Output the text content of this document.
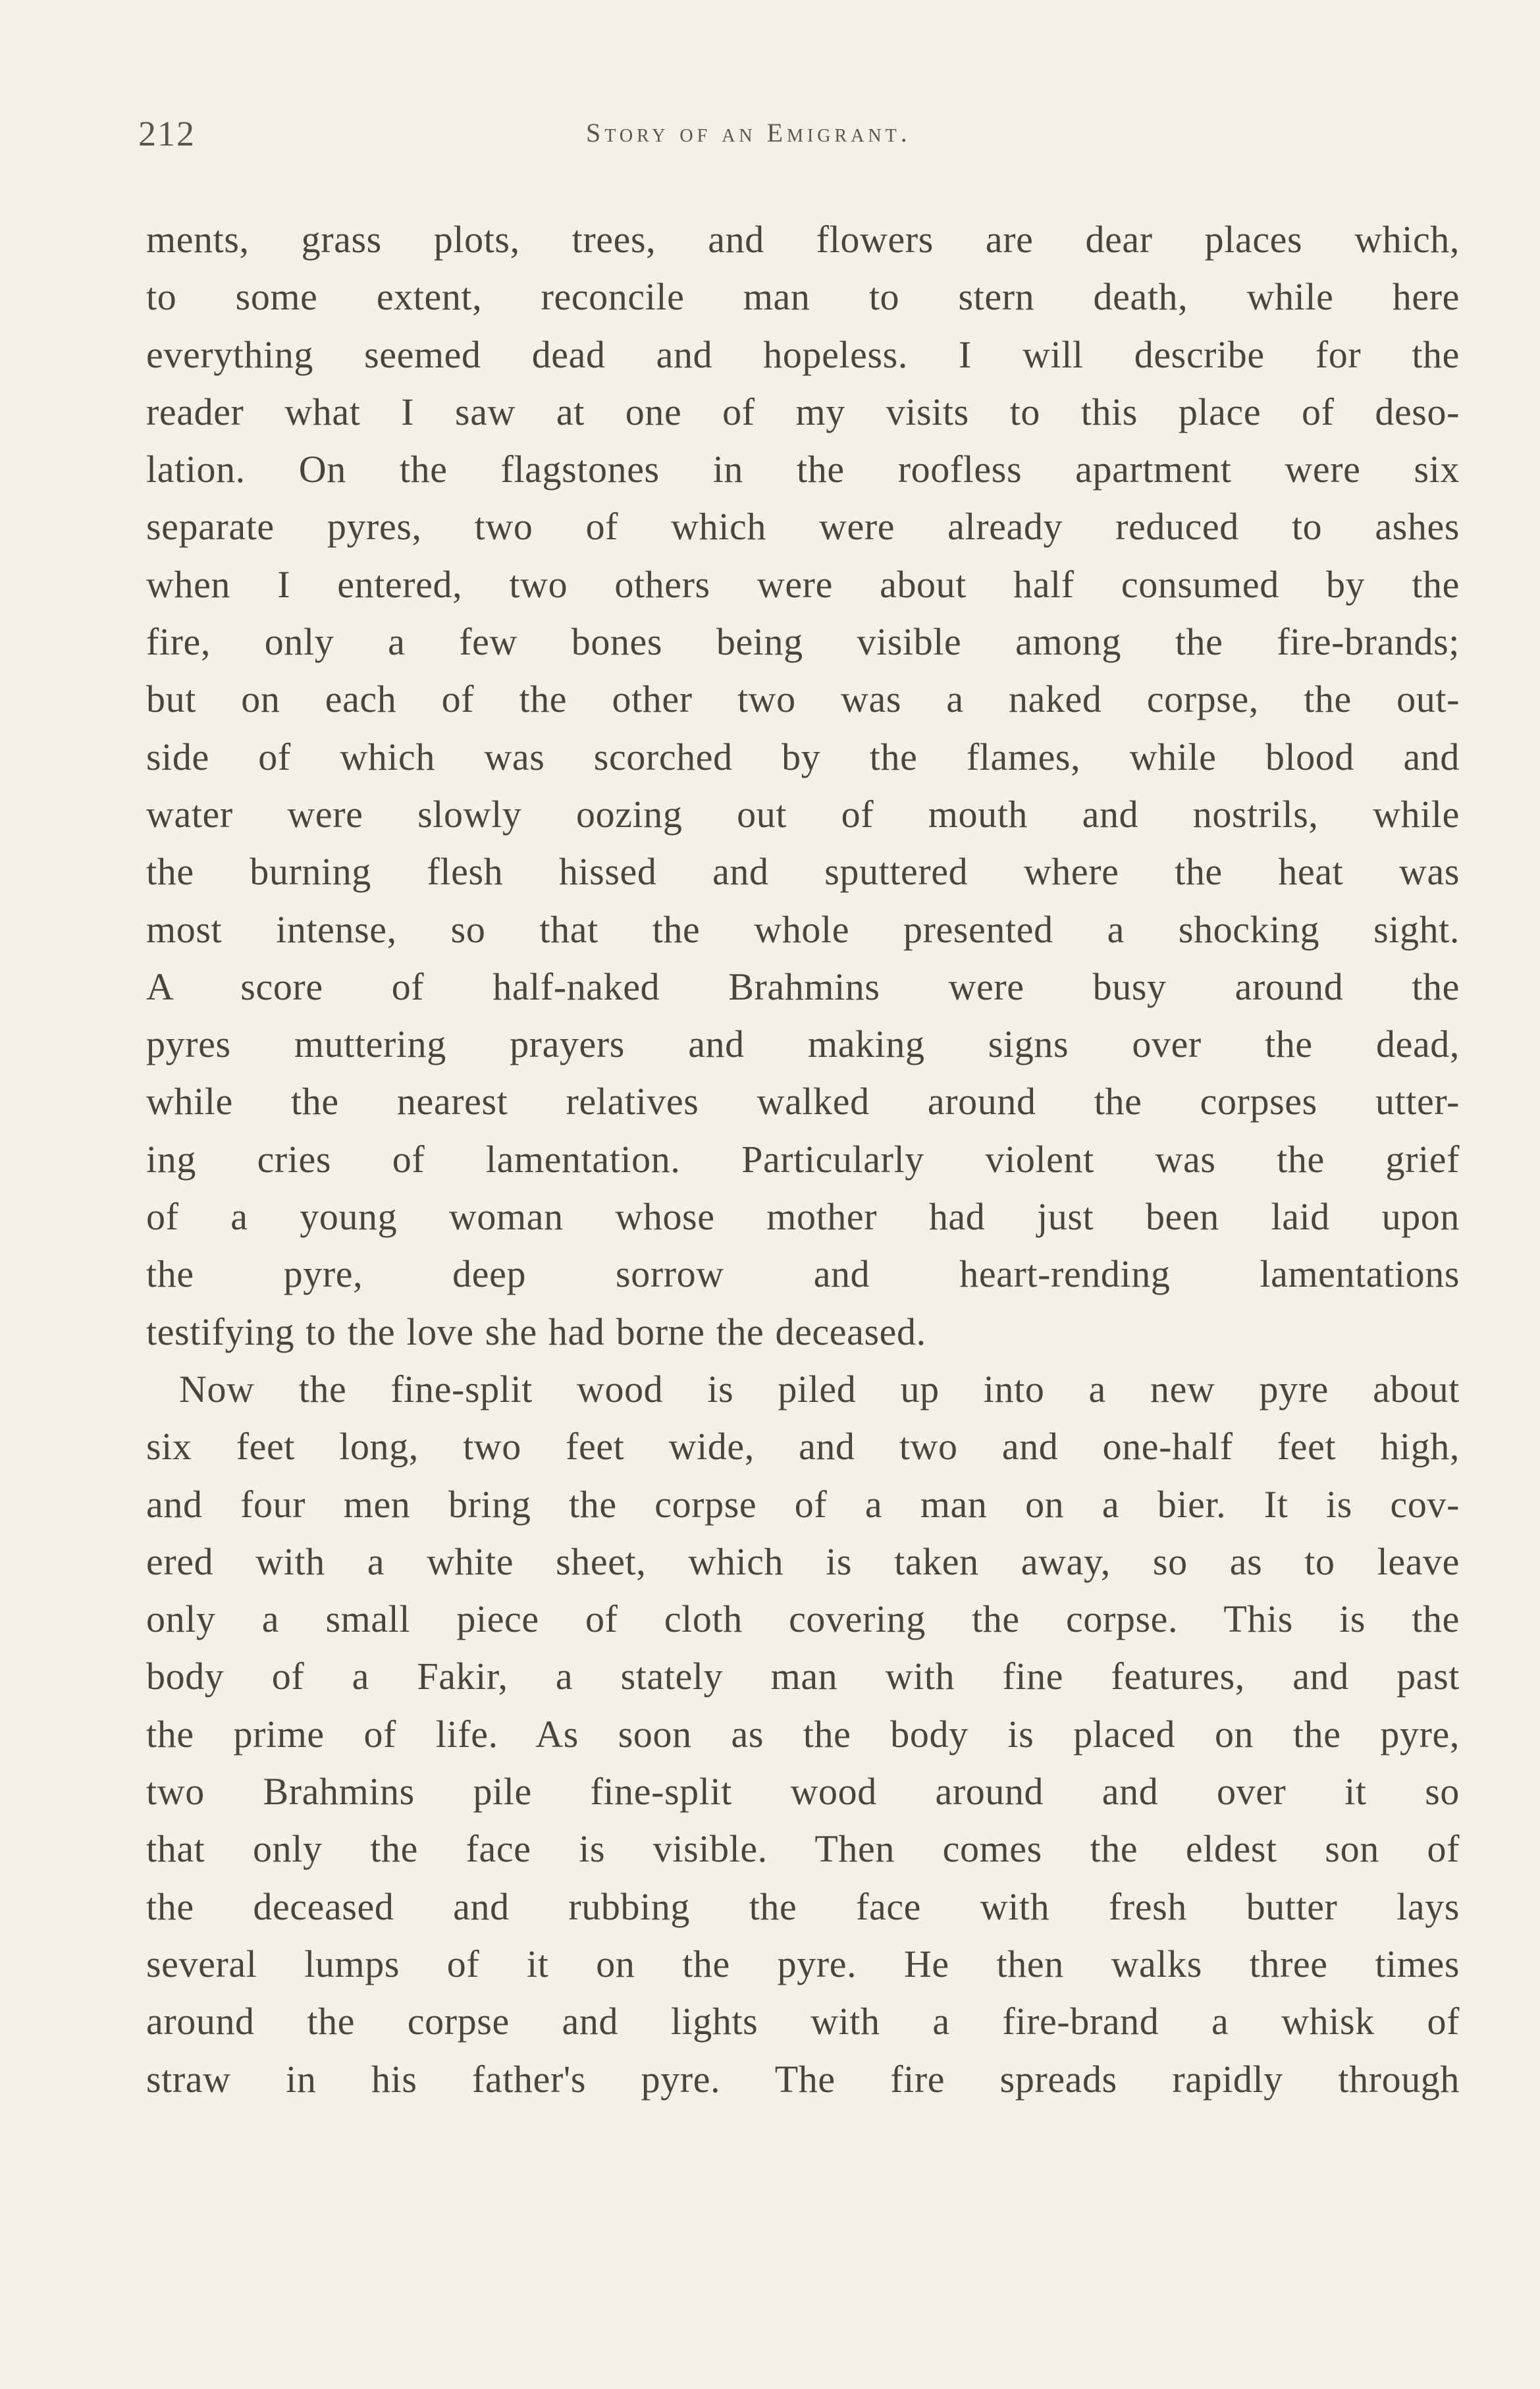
212	Story of an Emigrant.
ments, grass plots, trees, and flowers are dear places which,
to some extent, reconcile man to stern death, while here
everything seemed dead and hopeless. I will describe for the
reader what I saw at one of my visits to this place of deso-
lation. On the flagstones in the roofless apartment were six
separate pyres, two of which were already reduced to ashes
when I entered, two others were about half consumed by the
fire, only a few bones being visible among the fire-brands;
but on each of the other two was a naked corpse, the out-
side of which was scorched by the flames, while blood and
water were slowly oozing out of mouth and nostrils, while
the burning flesh hissed and sputtered where the heat was
most intense, so that the whole presented a shocking sight.
A score of half-naked Brahmins were busy around the
pyres muttering prayers and making signs over the dead,
while the nearest relatives walked around the corpses utter-
ing cries of lamentation. Particularly violent was the grief
of a young woman whose mother had just been laid upon
the pyre, deep sorrow and heart-rending lamentations
testifying to the love she had borne the deceased.
Now the fine-split wood is piled up into a new pyre about
six feet long, two feet wide, and two and one-half feet high,
and four men bring the corpse of a man on a bier. It is cov-
ered with a white sheet, which is taken away, so as to leave
only a small piece of cloth covering the corpse. This is the
body of a Fakir, a stately man with fine features, and past
the prime of life. As soon as the body is placed on the pyre,
two Brahmins pile fine-split wood around and over it so
that only the face is visible. Then comes the eldest son of
the deceased and rubbing the face with fresh butter lays
several lumps of it on the pyre. He then walks three times
around the corpse and lights with a fire-brand a whisk of
straw in his father's pyre. The fire spreads rapidly through
